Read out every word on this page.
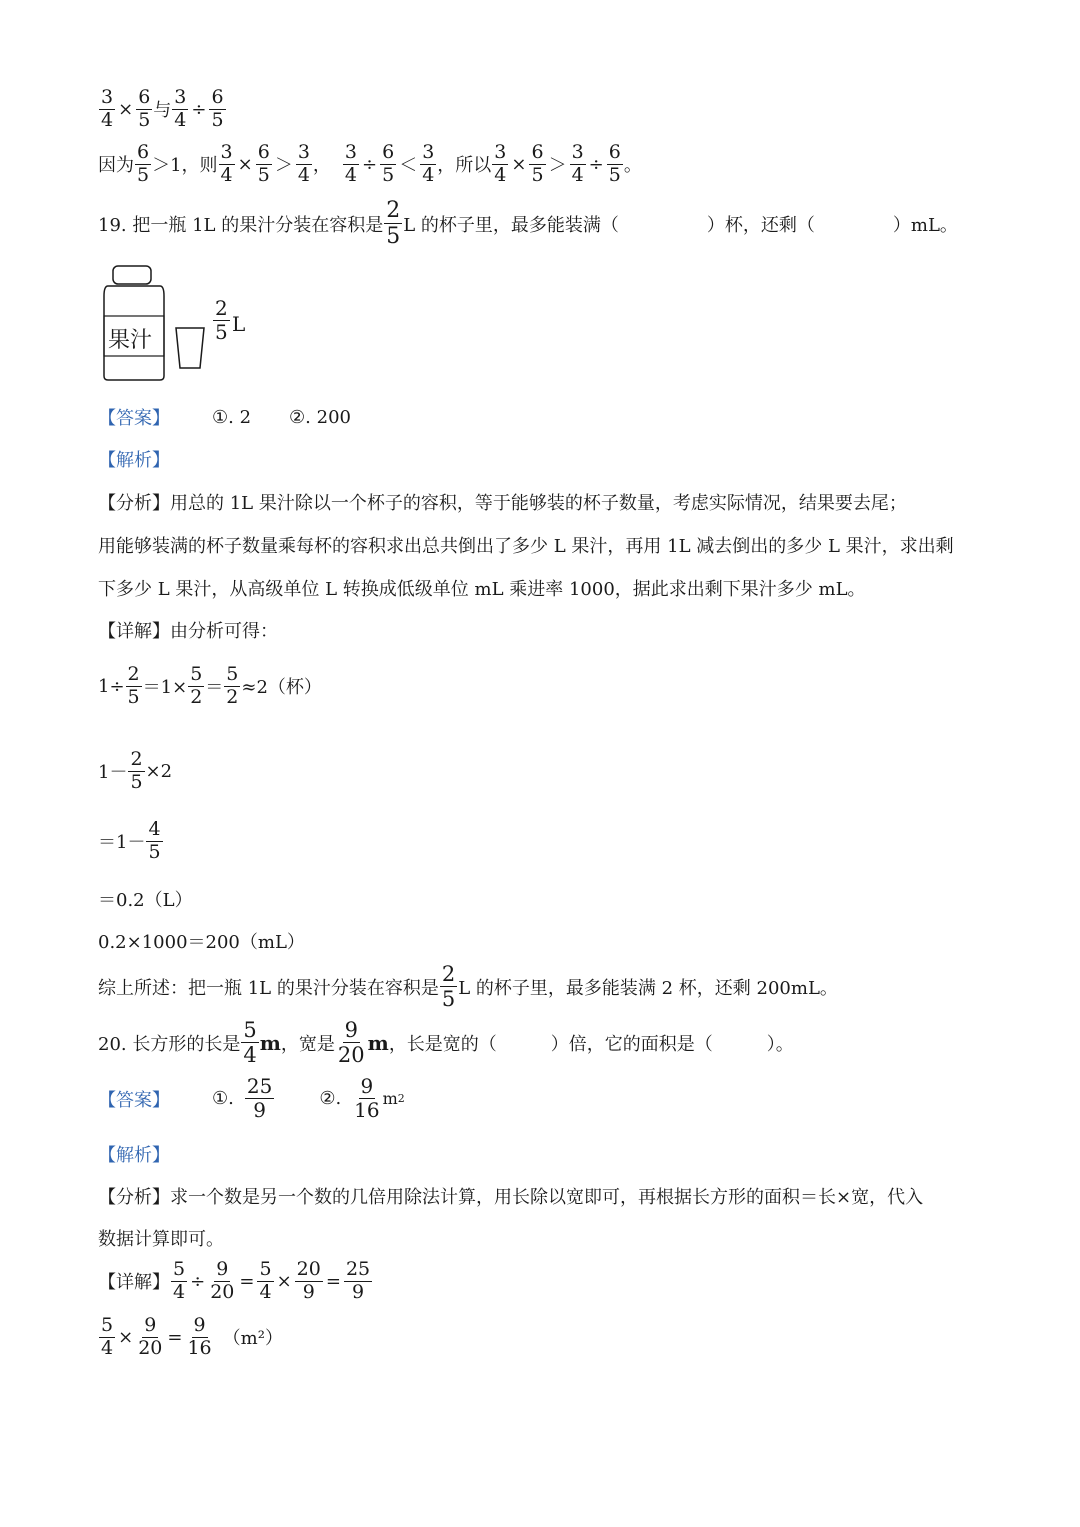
$\frac{3}{4} \times \frac{6}{5}$ 与 $\frac{3}{4} \div \frac{6}{5}$
因为
6
5 ＞1，则 $\frac{3}{4} \times \frac{6}{5}$ ＞
3
4 ， $\frac{3}{4} \div \frac{6}{5}$ ＜
3
4 ，所以 $\frac{3}{4} \times \frac{6}{5} > \frac{3}{4} \div \frac{6}{5}$ 。
19. 把一瓶 1L 的果汁分装在容积是
2
5 L 的杯子里，最多能装满（	）杯，还剩（	）mL。
果汁
2
5 L
【答案】 ①. 2 ②. 200
【解析】
【分析】用总的 1L 果汁除以一个杯子的容积，等于能够装的杯子数量，考虑实际情况，结果要去尾；
用能够装满的杯子数量乘每杯的容积求出总共倒出了多少 L 果汁，再用 1L 减去倒出的多少 L 果汁，求出剩
下多少 L 果汁，从高级单位 L 转换成低级单位 mL 乘进率 1000，据此求出剩下果汁多少 mL。
【详解】由分析可得：
$1\div \frac{2}{5} =1\times \frac{5}{2} = \frac{5}{2} \approx 2$（杯）
$1- \frac{2}{5} \times 2$
＝1－
4
5
＝0.2（L）
0.2×1000＝200（mL）
综上所述：把一瓶 1L 的果汁分装在容积是
2
5 L 的杯子里，最多能装满 2 杯，还剩 200mL。
20. 长方形的长是
5
4
m ，宽是
9
20
m ，长是宽的（　　　）倍，它的面积是（　　　）。
【答案】 ①.
25
9	②.
9
16 m 2
【解析】
【分析】求一个数是另一个数的几倍用除法计算，用长除以宽即可，再根据长方形的面积＝长×宽，代入
数据计算即可。
【详解】 $\frac{5}{4} \div \frac{9}{20} = \frac{5}{4} \times \frac{20}{9} = \frac{25}{9}$
$\frac{5}{4} \times \frac{9}{20} = \frac{9}{16} (m^2)$
